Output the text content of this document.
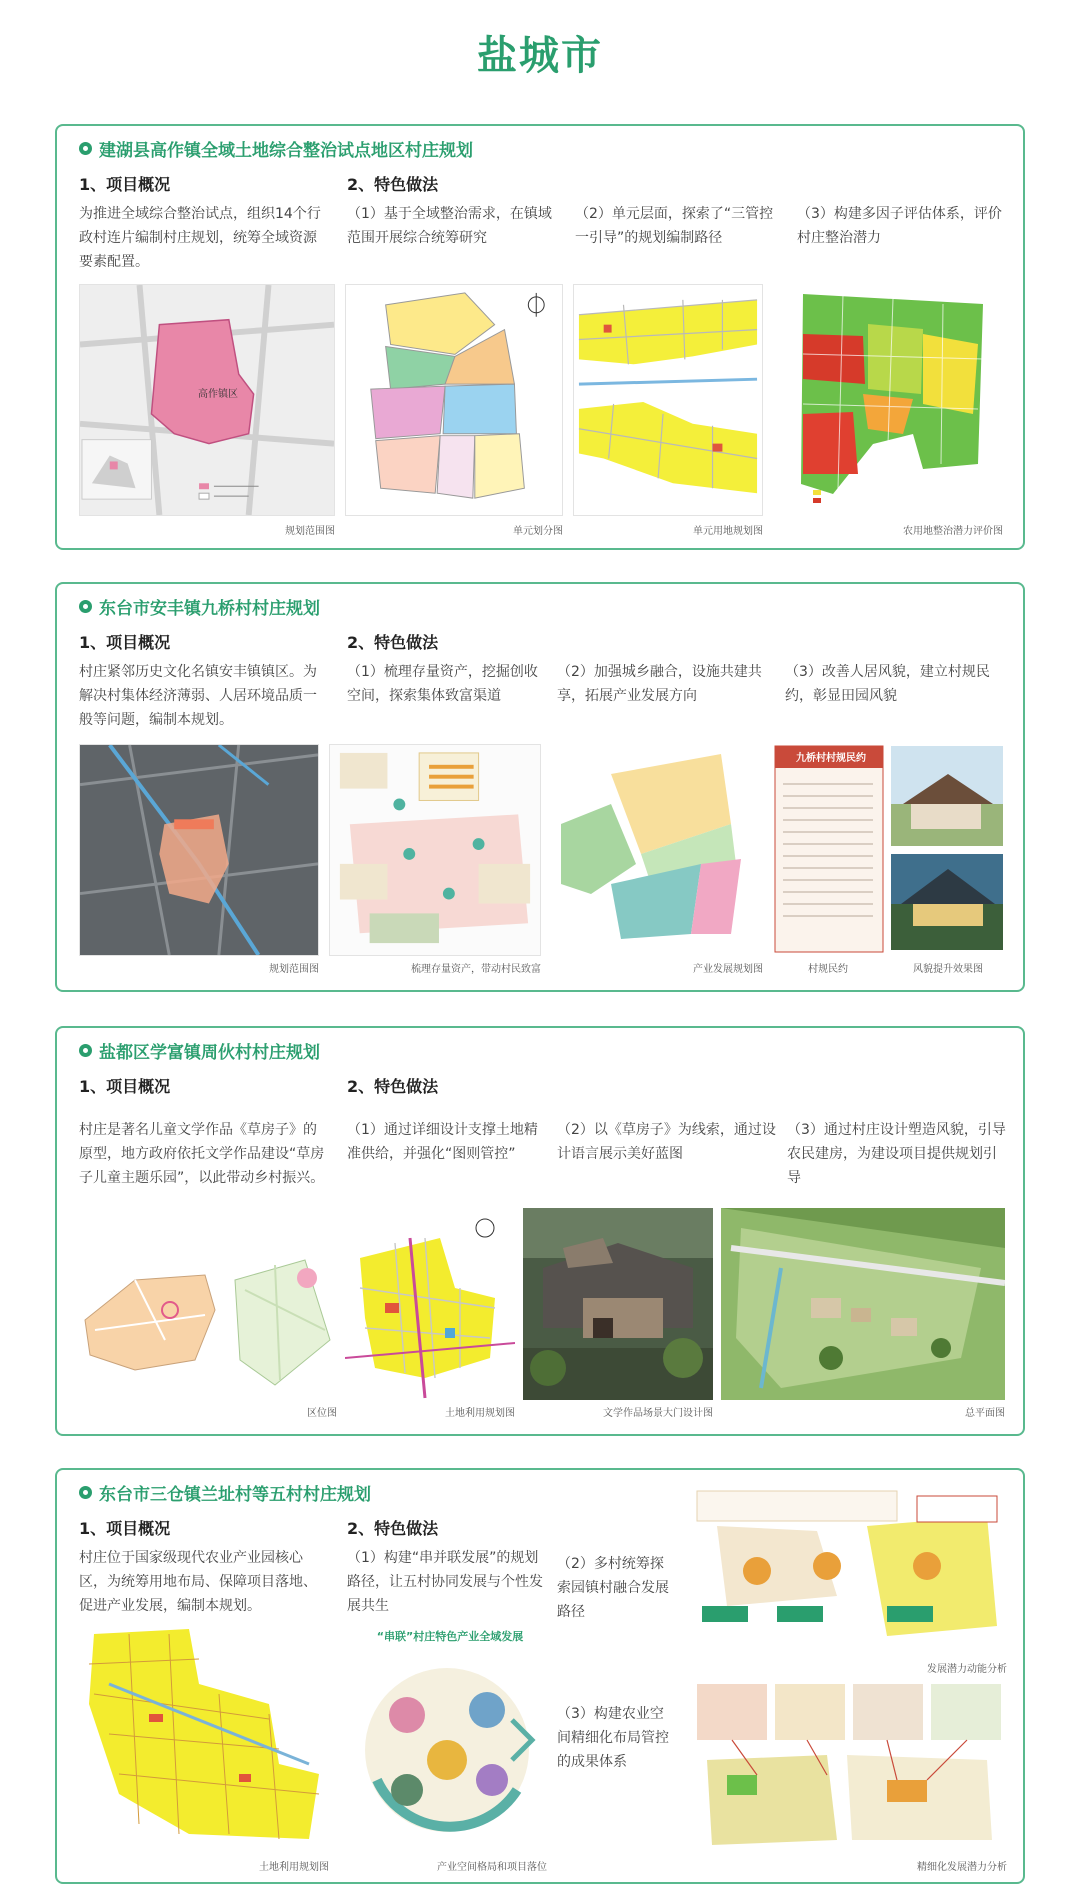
盐城市
建湖县高作镇全域土地综合整治试点地区村庄规划
1、项目概况	2、特色做法
为推进全域综合整治试点，组织14个行政村连片编制村庄规划，统筹全域资源要素配置。
（1）基于全域整治需求，在镇域范围开展综合统筹研究
（2）单元层面，探索了“三管控一引导”的规划编制路径
（3）构建多因子评估体系，评价村庄整治潜力
高作镇区
规划范围图	单元划分图	单元用地规划图	农用地整治潜力评价图
东台市安丰镇九桥村村庄规划
1、项目概况	2、特色做法
村庄紧邻历史文化名镇安丰镇镇区。为解决村集体经济薄弱、人居环境品质一般等问题，编制本规划。
（1）梳理存量资产，挖掘创收空间，探索集体致富渠道
（2）加强城乡融合，设施共建共享，拓展产业发展方向
（3）改善人居风貌，建立村规民约，彰显田园风貌
规划范围图	梳理存量资产，带动村民致富	产业发展规划图
九桥村村规民约
村规民约	风貌提升效果图
盐都区学富镇周伙村村庄规划
1、项目概况	2、特色做法
村庄是著名儿童文学作品《草房子》的原型，地方政府依托文学作品建设“草房子儿童主题乐园”，以此带动乡村振兴。
（1）通过详细设计支撑土地精准供给，并强化“图则管控”
（2）以《草房子》为线索，通过设计语言展示美好蓝图
（3）通过村庄设计塑造风貌，引导农民建房，为建设项目提供规划引导
区位图	土地利用规划图	文学作品场景大门设计图	总平面图
东台市三仓镇兰址村等五村村庄规划
1、项目概况	2、特色做法
村庄位于国家级现代农业产业园核心区，为统筹用地布局、保障项目落地、促进产业发展，编制本规划。
（1）构建“串并联发展”的规划路径，让五村协同发展与个性发展共生
（2）多村统筹探索园镇村融合发展路径
（3）构建农业空间精细化布局管控的成果体系
土地利用规划图
“串联”村庄特色产业全域发展
产业空间格局和项目落位
发展潜力动能分析
精细化发展潜力分析
